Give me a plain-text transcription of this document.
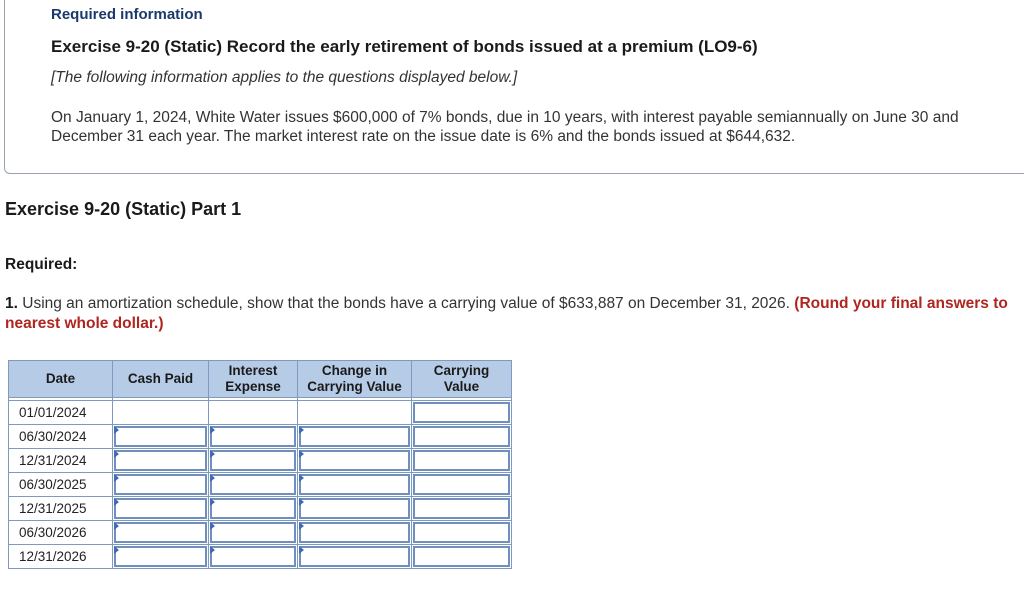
Required information
Exercise 9-20 (Static) Record the early retirement of bonds issued at a premium (LO9-6)
[The following information applies to the questions displayed below.]
On January 1, 2024, White Water issues $600,000 of 7% bonds, due in 10 years, with interest payable semiannually on June 30 and December 31 each year. The market interest rate on the issue date is 6% and the bonds issued at $644,632.
Exercise 9-20 (Static) Part 1
Required:
1. Using an amortization schedule, show that the bonds have a carrying value of $633,887 on December 31, 2026. (Round your final answers to nearest whole dollar.)
Date	Cash Paid	Interest Expense	Change in Carrying Value	Carrying Value

01/01/2024				

06/30/2024	

12/31/2024	

06/30/2025	

12/31/2025	

06/30/2026	

12/31/2026	
